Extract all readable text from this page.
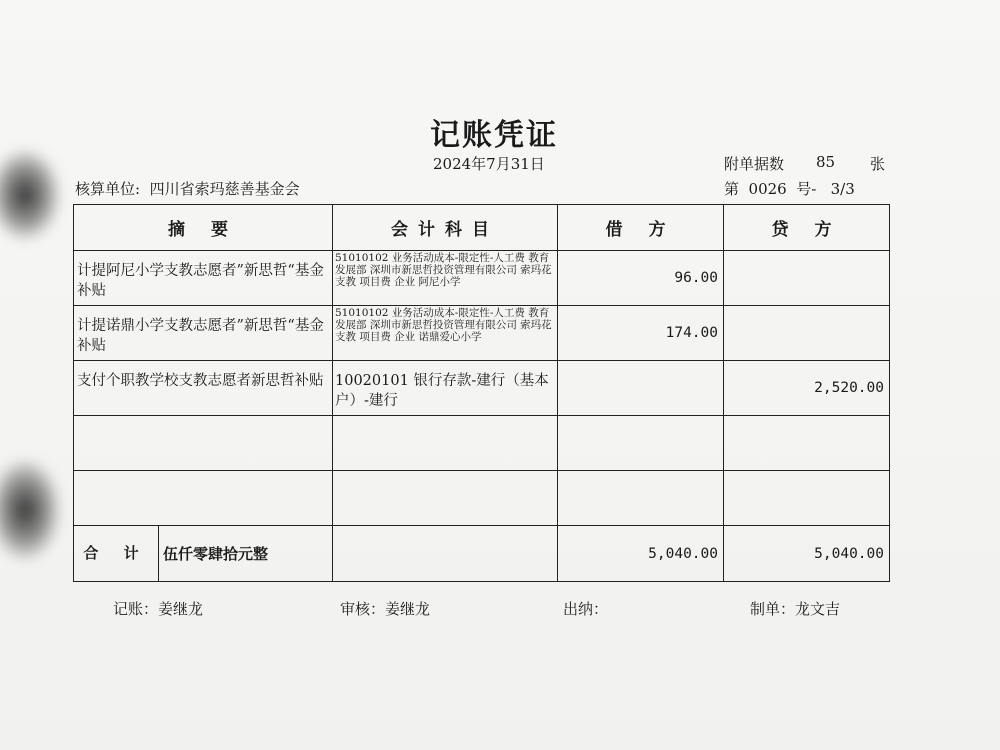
记账凭证
2024年7月31日	附单据数 85 张
核算单位: 四川省索玛慈善基金会	第  0026  号-   3/3
摘 要	会计科目	借 方	贷 方
计提阿尼小学支教志愿者”新思哲“基金补贴	51010102 业务活动成本-限定性-人工费 教育发展部 深圳市新思哲投资管理有限公司 索玛花支教 项目费 企业 阿尼小学	96.00	
计提诺鼎小学支教志愿者”新思哲“基金补贴	51010102 业务活动成本-限定性-人工费 教育发展部 深圳市新思哲投资管理有限公司 索玛花支教 项目费 企业 诺鼎爱心小学	174.00	
支付个职教学校支教志愿者新思哲补贴	10020101 银行存款-建行（基本户）-建行		2,520.00

合 计 伍仟零肆拾元整		5,040.00	5,040.00
记账：姜继龙	审核：姜继龙	出纳：	制单：龙文吉
